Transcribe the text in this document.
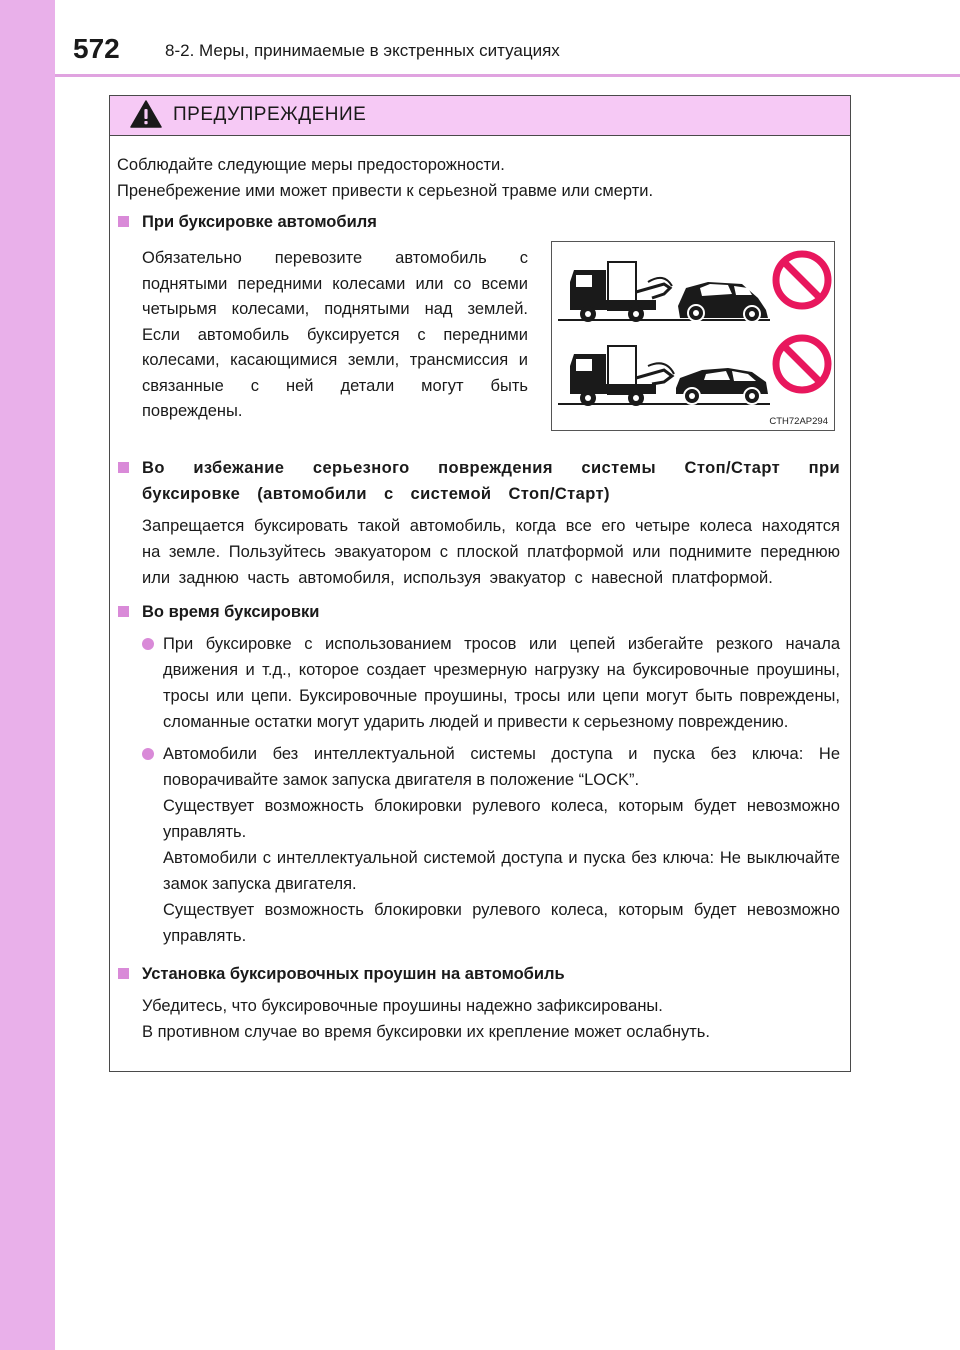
572	8-2. Меры, принимаемые в экстренных ситуациях
ПРЕДУПРЕЖДЕНИЕ

Соблюдайте следующие меры предосторожности.

Пренебрежение ими может привести к серьезной травме или смерти.

При буксировке автомобиля

Обязательно перевозите автомобиль с поднятыми передними колесами или со всеми четырьмя колесами, поднятыми над землей. Если автомобиль буксируется с передними колесами, касающимися земли, трансмиссия и связанные с ней детали могут быть повреждены.

CTH72AP294
Во избежание серьезного повреждения системы Стоп/Старт при буксировке (автомобили с системой Стоп/Старт)

Запрещается буксировать такой автомобиль, когда все его четыре колеса находятся на земле. Пользуйтесь эвакуатором с плоской платформой или поднимите переднюю или заднюю часть автомобиля, используя эвакуатор с навесной платформой.

Во время буксировки

При буксировке с использованием тросов или цепей избегайте резкого начала движения и т.д., которое создает чрезмерную нагрузку на буксировочные проушины, тросы или цепи. Буксировочные проушины, тросы или цепи могут быть повреждены, сломанные остатки могут ударить людей и привести к серьезному повреждению.

Автомобили без интеллектуальной системы доступа и пуска без ключа: Не поворачивайте замок запуска двигателя в положение “LOCK”.

Существует возможность блокировки рулевого колеса, которым будет невозможно управлять.

Автомобили с интеллектуальной системой доступа и пуска без ключа: Не выключайте замок запуска двигателя.

Существует возможность блокировки рулевого колеса, которым будет невозможно управлять.

Установка буксировочных проушин на автомобиль

Убедитесь, что буксировочные проушины надежно зафиксированы.

В противном случае во время буксировки их крепление может ослабнуть.
